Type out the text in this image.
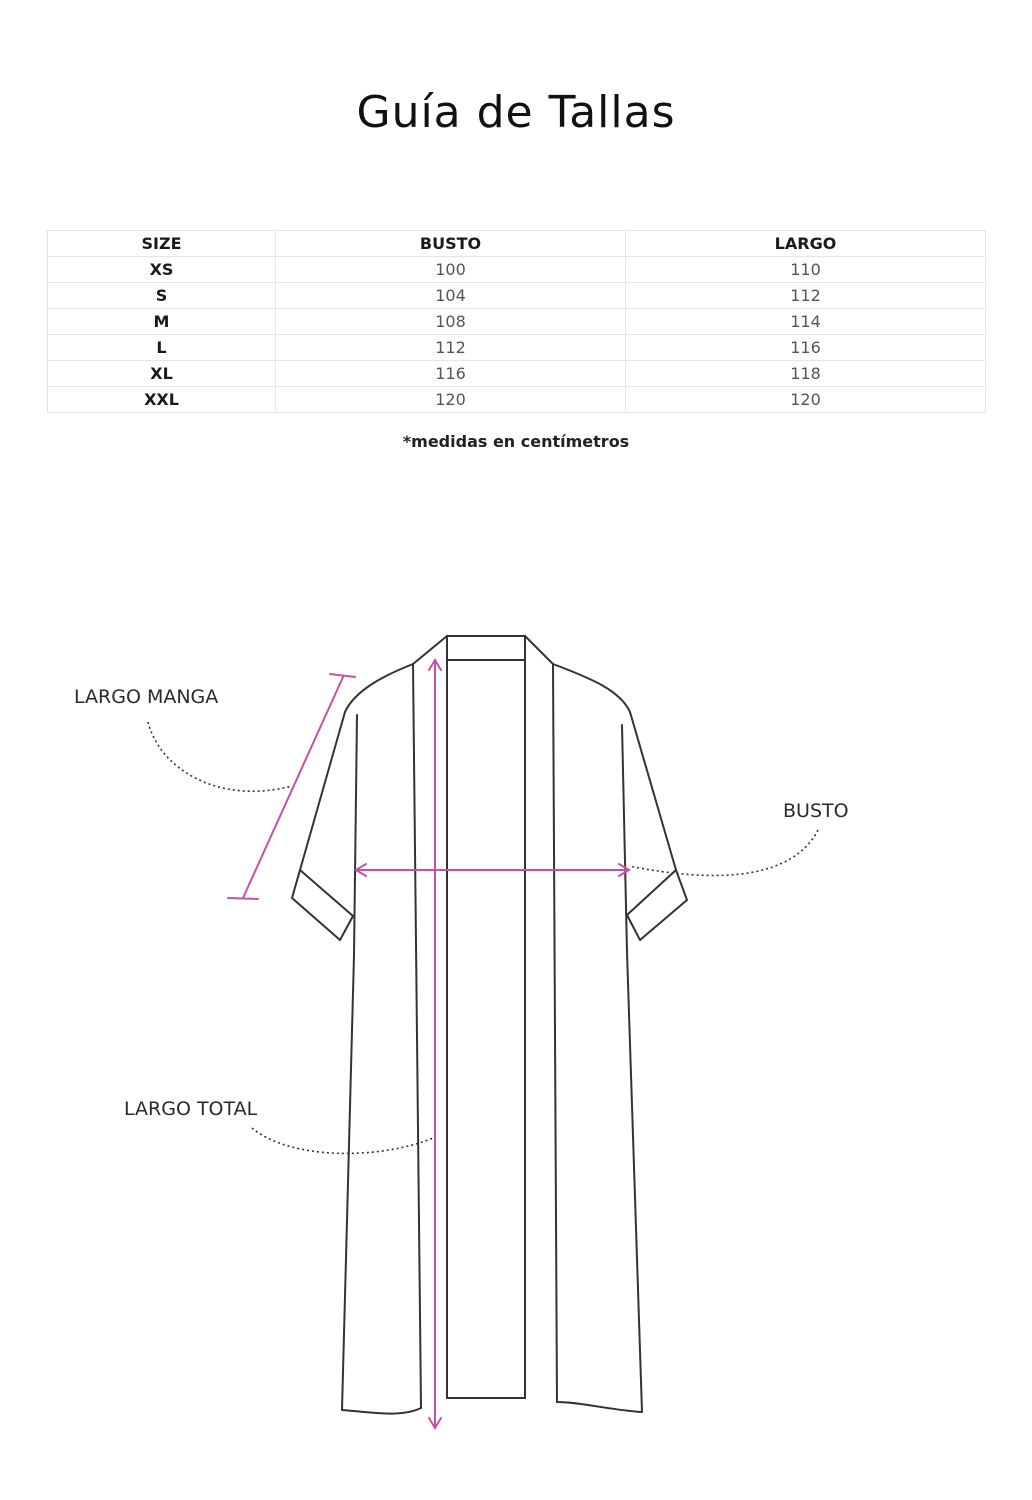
Guía de Tallas
SIZE	BUSTO	LARGO
XS	100	110
S	104	112
M	108	114
L	112	116
XL	116	118
XXL	120	120
*medidas en centímetros
LARGO MANGA
BUSTO
LARGO TOTAL
